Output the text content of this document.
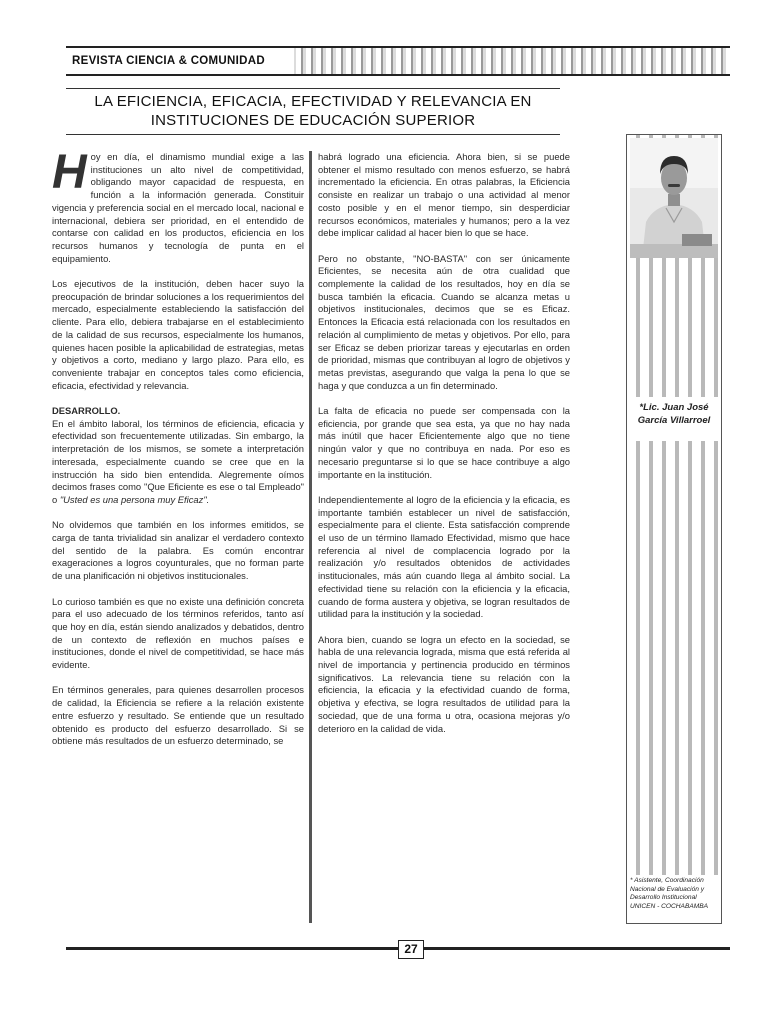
REVISTA CIENCIA & COMUNIDAD
LA EFICIENCIA, EFICACIA, EFECTIVIDAD Y RELEVANCIA EN
INSTITUCIONES DE EDUCACIÓN SUPERIOR

Hoy en día, el dinamismo mundial exige a las instituciones un alto nivel de competitividad, obligando mayor capacidad de respuesta, en función a la información generada. Constituir vigencia y preferencia social en el mercado local, nacional e internacional, debiera ser prioridad, en el entendido de contarse con calidad en los productos, eficiencia en los recursos humanos y tecnología de punta en el equipamiento.

Los ejecutivos de la institución, deben hacer suyo la preocupación de brindar soluciones a los requerimientos del mercado, especialmente estableciendo la satisfacción del cliente. Para ello, debiera trabajarse en el establecimiento de la calidad de sus recursos, especialmente los humanos, quienes hacen posible la aplicabilidad de estrategias, metas y objetivos a corto, mediano y largo plazo. Para ello, es conveniente trabajar en conceptos tales como eficiencia, eficacia, efectividad y relevancia.

DESARROLLO.
En el ámbito laboral, los términos de eficiencia, eficacia y efectividad son frecuentemente utilizadas. Sin embargo, la interpretación de los mismos, se somete a interpretación interesada, especialmente cuando se cree que en la instrucción ha sido bien entendida. Alegremente oímos decimos frases como "Que Eficiente es ese o tal Empleado" o "Usted es una persona muy Eficaz".

No olvidemos que también en los informes emitidos, se carga de tanta trivialidad sin analizar el verdadero contexto del sentido de la palabra. Es común encontrar exageraciones a logros coyunturales, que no forman parte de una planificación ni objetivos institucionales.

Lo curioso también es que no existe una definición concreta para el uso adecuado de los términos referidos, tanto así que hoy en día, están siendo analizados y debatidos, dentro de un contexto de reflexión en muchos países e instituciones, donde el nivel de competitividad, se hace más evidente.

En términos generales, para quienes desarrollen procesos de calidad, la Eficiencia se refiere a la relación existente entre esfuerzo y resultado. Se entiende que un resultado obtenido es producto del esfuerzo desarrollado. Si se obtiene más resultados de un esfuerzo determinado, se

habrá logrado una eficiencia. Ahora bien, si se puede obtener el mismo resultado con menos esfuerzo, se habrá incrementado la eficiencia. En otras palabras, la Eficiencia consiste en realizar un trabajo o una actividad al menor costo posible y en el menor tiempo, sin desperdiciar recursos económicos, materiales y humanos; pero a la vez debe implicar calidad al hacer bien lo que se hace.

Pero no obstante, "NO-BASTA" con ser únicamente Eficientes, se necesita aún de otra cualidad que complemente la calidad de los resultados, hoy en día se busca también la eficacia. Cuando se alcanza metas u objetivos institucionales, decimos que se es Eficaz. Entonces la Eficacia está relacionada con los resultados en relación al cumplimiento de metas y objetivos. Por ello, para ser Eficaz se deben priorizar tareas y ejecutarlas en orden de prioridad, mismas que contribuyan al logro de objetivos y metas previstas, asegurando que valga la pena lo que se haga y que conduzca a un fin determinado.

La falta de eficacia no puede ser compensada con la eficiencia, por grande que sea esta, ya que no hay nada más inútil que hacer Eficientemente algo que no tiene ningún valor y que no contribuya en nada. Por eso es necesario preguntarse si lo que se hace contribuye a algo importante en la institución.

Independientemente al logro de la eficiencia y la eficacia, es importante también establecer un nivel de satisfacción, especialmente para el cliente. Esta satisfacción comprende el uso de un término llamado Efectividad, mismo que hace referencia al nivel de complacencia logrado por la realización y/o resultados obtenidos de actividades institucionales, más aún cuando llega al ámbito social. La efectividad tiene su relación con la eficiencia y la eficacia, cuando de forma austera y objetiva, se logran resultados de utilidad para la institución y la sociedad.

Ahora bien, cuando se logra un efecto en la sociedad, se habla de una relevancia lograda, misma que está referida al nivel de importancia y pertinencia producido en términos significativos. La relevancia tiene su relación con la eficiencia, la eficacia y la efectividad cuando de forma, objetiva y efectiva, se logra resultados de utilidad para la sociedad, que de una forma u otra, ocasiona mejoras y/o deterioro en la calidad de vida.

*Lic. Juan José
García Villarroel
* Asistente, Coordinación
Nacional de Evaluación y
Desarrollo Institucional
UNICEN - COCHABAMBA
27
